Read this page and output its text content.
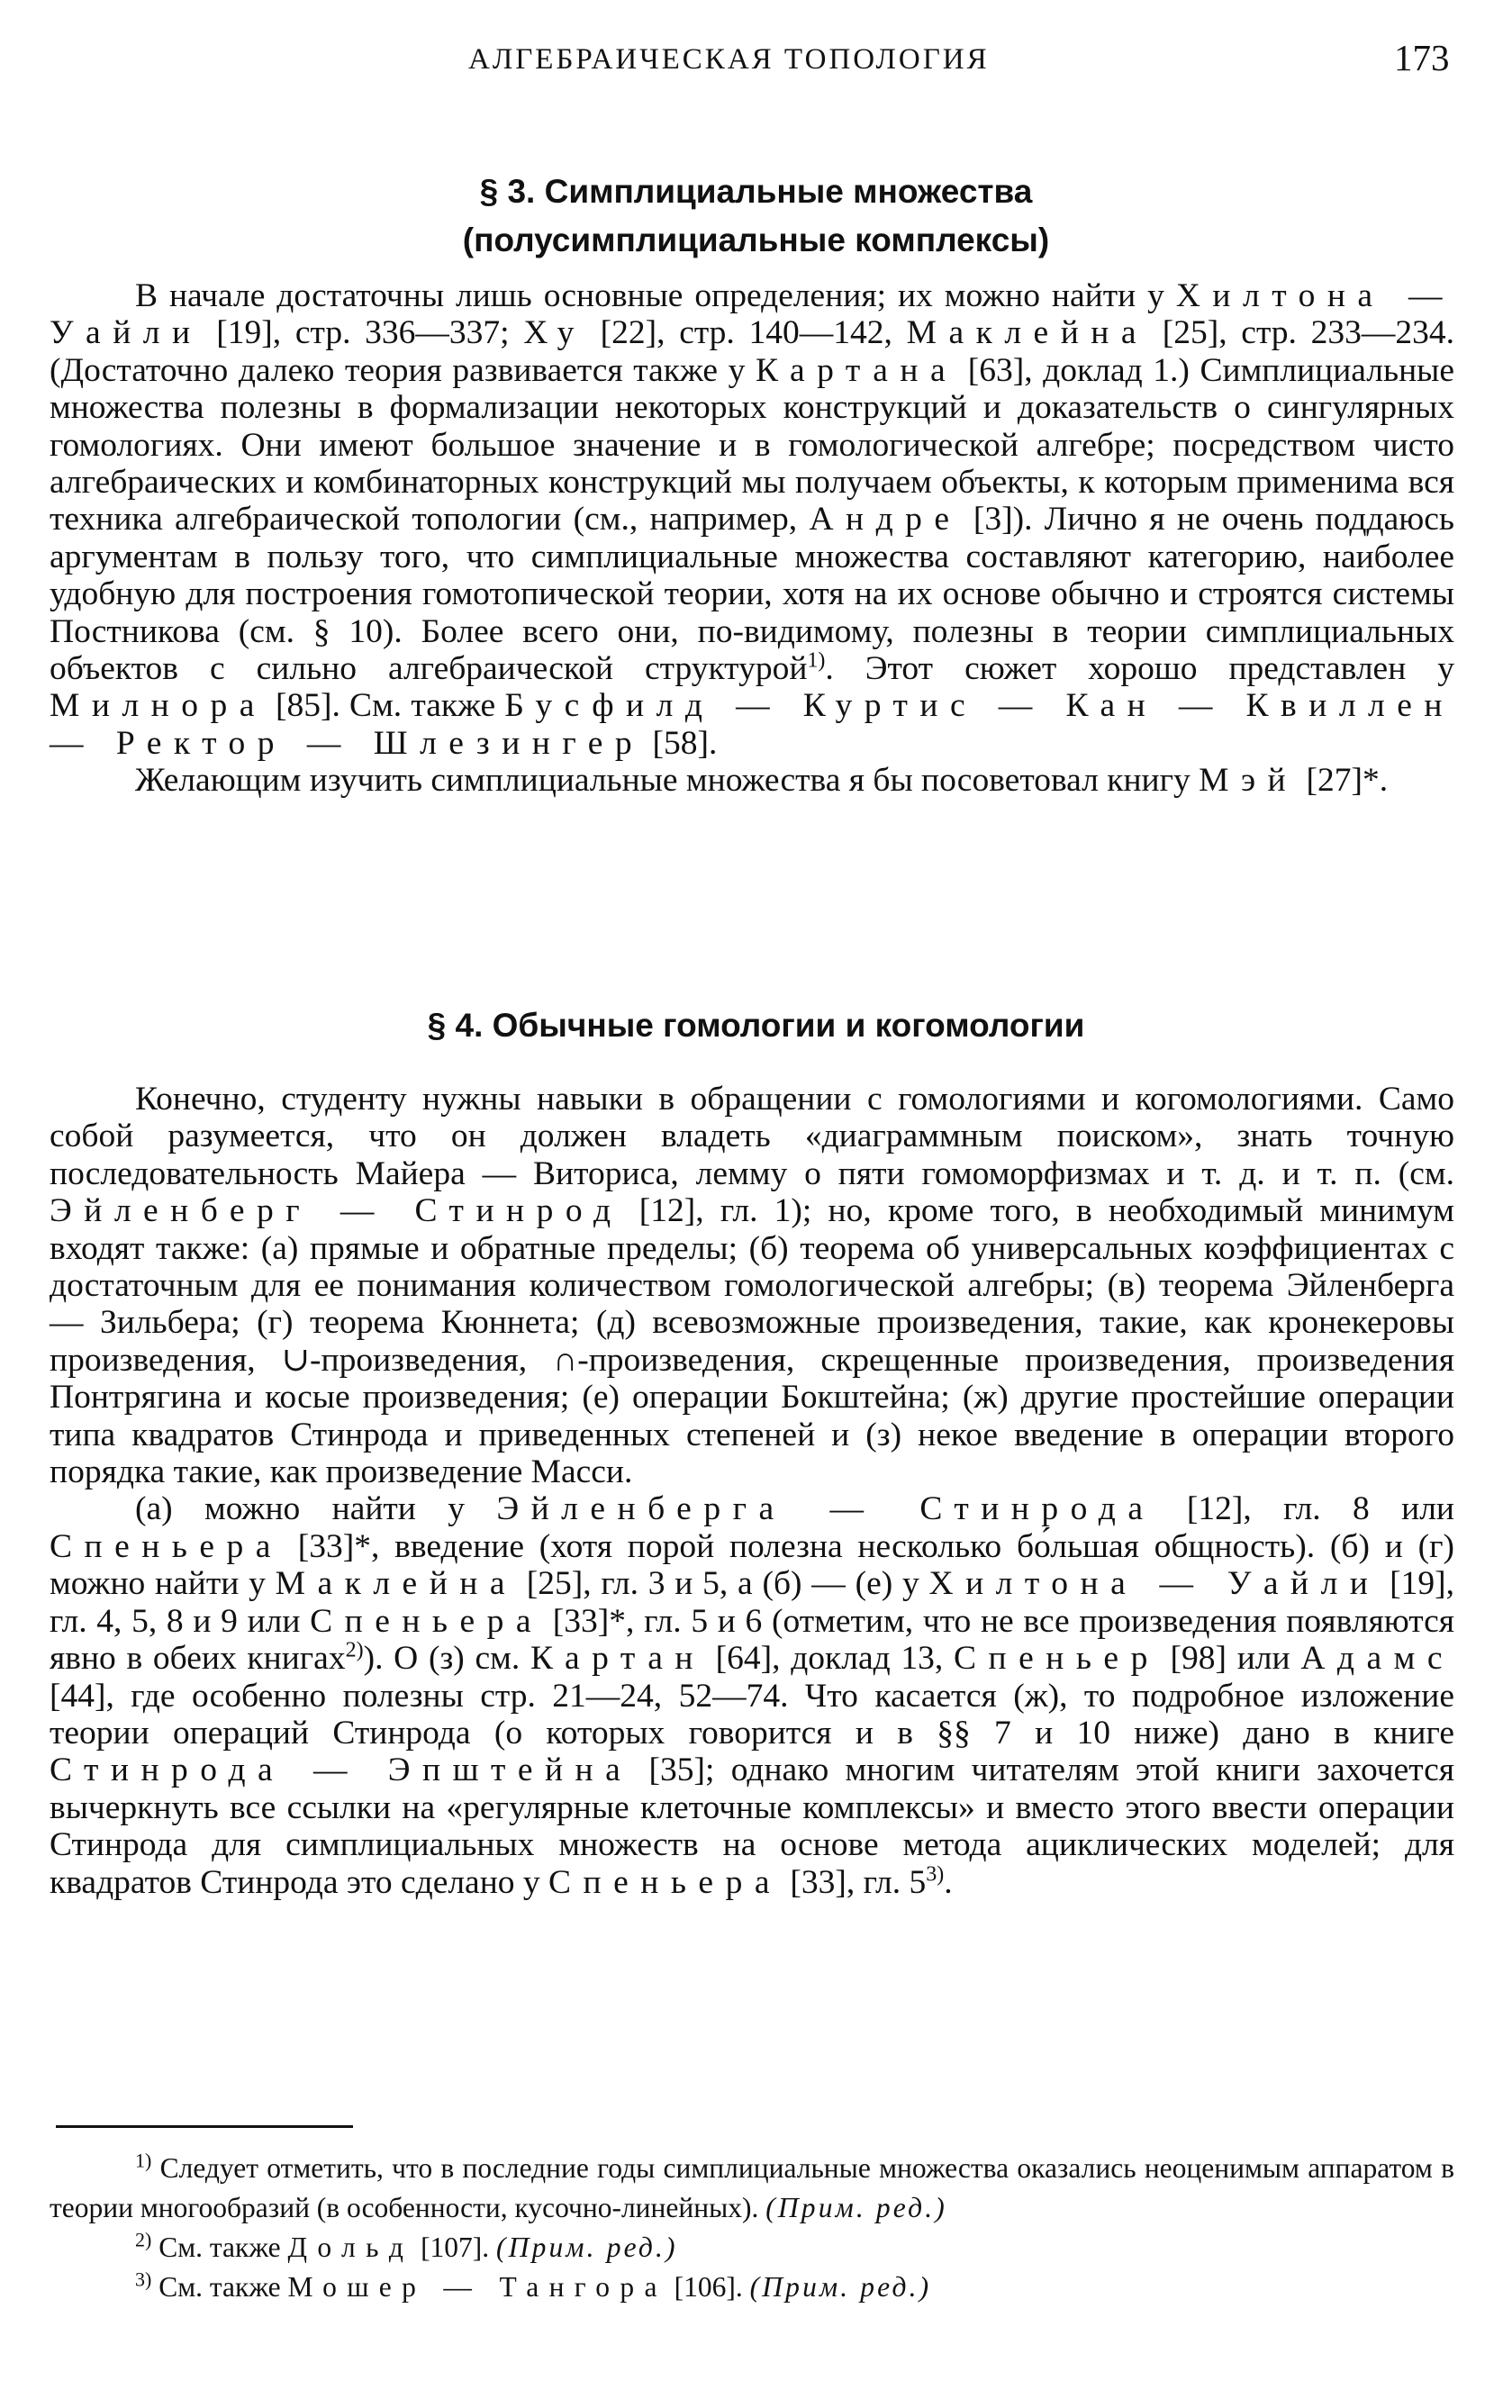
АЛГЕБРАИЧЕСКАЯ ТОПОЛОГИЯ	173
§ 3. Симплициальные множества
(полусимплициальные комплексы)

В начале достаточны лишь основные определения; их можно найти у Хилтона — Уайли [19], стр. 336—337; Ху [22], стр. 140—142, Маклейна [25], стр. 233—234. (Достаточно далеко теория развивается также у Картана [63], доклад 1.) Симплициальные множества полезны в формализации некоторых конструкций и доказательств о сингулярных гомологиях. Они имеют большое значение и в гомологической алгебре; посредством чисто алгебраических и комбинаторных конструкций мы получаем объекты, к которым применима вся техника алгебраической топологии (см., например, Андре [3]). Лично я не очень поддаюсь аргументам в пользу того, что симплициальные множества составляют категорию, наиболее удобную для построения гомотопической теории, хотя на их основе обычно и строятся системы Постникова (см. § 10). Более всего они, по-видимому, полезны в теории симплициальных объектов с сильно алгебраической структурой$^{1)}$. Этот сюжет хорошо представлен у Милнора [85]. См. также Бусфилд — Куртис — Кан — Квиллен — Ректор — Шлезингер [58].

Желающим изучить симплициальные множества я бы посоветовал книгу Мэй [27]*.

§ 4. Обычные гомологии и когомологии

Конечно, студенту нужны навыки в обращении с гомологиями и когомологиями. Само собой разумеется, что он должен владеть «диаграммным поиском», знать точную последовательность Майера — Виториса, лемму о пяти гомоморфизмах и т. д. и т. п. (см. Эйленберг — Стинрод [12], гл. 1); но, кроме того, в необходимый минимум входят также: (а) прямые и обратные пределы; (б) теорема об универсальных коэффициентах с достаточным для ее понимания количеством гомологической алгебры; (в) теорема Эйленберга — Зильбера; (г) теорема Кюннета; (д) всевозможные произведения, такие, как кронекеровы произведения, ∪-произведения, ∩-произведения, скрещенные произведения, произведения Понтрягина и косые произведения; (е) операции Бокштейна; (ж) другие простейшие операции типа квадратов Стинрода и приведенных степеней и (з) некое введение в операции второго порядка такие, как произведение Масси.

(а) можно найти у Эйленберга — Стинрода [12], гл. 8 или Спеньера [33]*, введение (хотя порой полезна несколько бо́льшая общность). (б) и (г) можно найти у Маклейна [25], гл. 3 и 5, а (б) — (е) у Хилтона — Уайли [19], гл. 4, 5, 8 и 9 или Спеньера [33]*, гл. 5 и 6 (отметим, что не все произведения появляются явно в обеих книгах$^{2)}$). О (з) см. Картан [64], доклад 13, Спеньер [98] или Адамс [44], где особенно полезны стр. 21—24, 52—74. Что касается (ж), то подробное изложение теории операций Стинрода (о которых говорится и в §§ 7 и 10 ниже) дано в книге Стинрода — Эпштейна [35]; однако многим читателям этой книги захочется вычеркнуть все ссылки на «регулярные клеточные комплексы» и вместо этого ввести операции Стинрода для симплициальных множеств на основе метода ациклических моделей; для квадратов Стинрода это сделано у Спеньера [33], гл. 5$^{3)}$.

$^{1)}$ Следует отметить, что в последние годы симплициальные множества оказались неоценимым аппаратом в теории многообразий (в особенности, кусочно-линейных). (Прим. ред.)

$^{2)}$ См. также Дольд [107]. (Прим. ред.)

$^{3)}$ См. также Мошер — Тангора [106]. (Прим. ред.)
